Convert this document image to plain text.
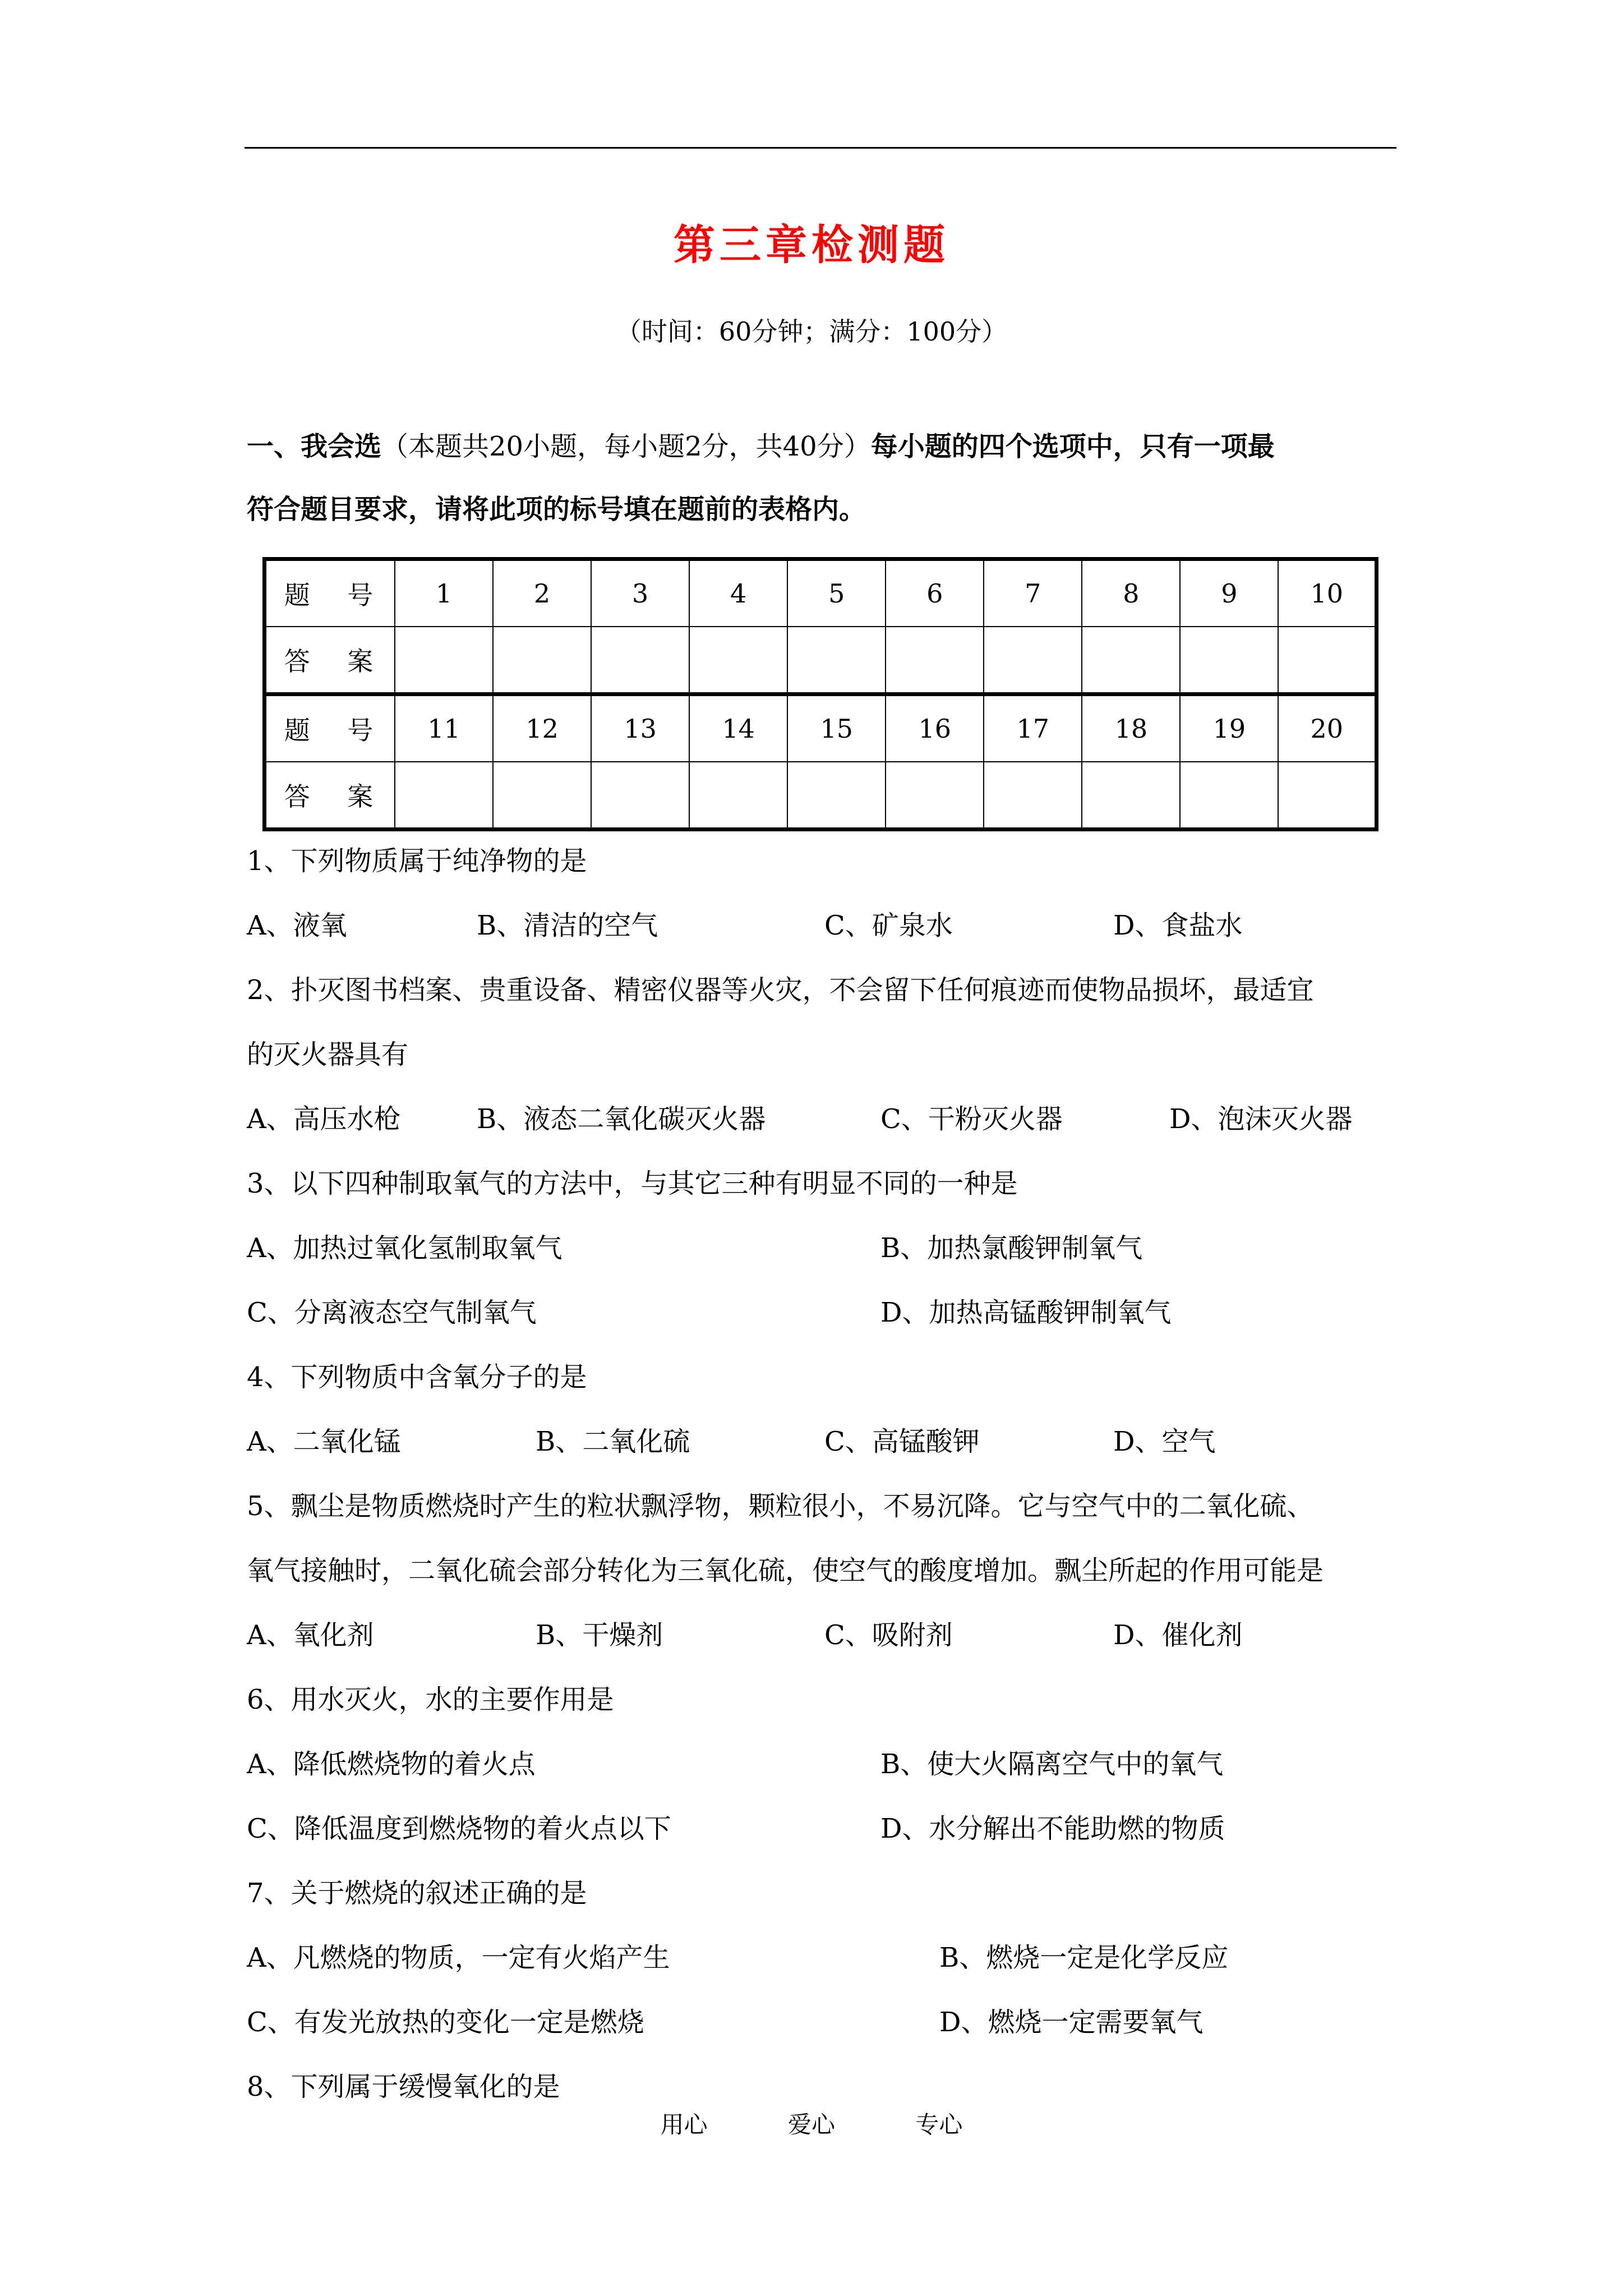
第三章检测题
（时间：60分钟；满分：100分）
一、我会选（本题共20小题，每小题2分，共40分）每小题的四个选项中，只有一项最
符合题目要求，请将此项的标号填在题前的表格内。
题 号	1	2	3	4	5	6	7	8	9	10
答 案										
题 号	11	12	13	14	15	16	17	18	19	20
答 案										
1、下列物质属于纯净物的是
A、液氧	B、清洁的空气	C、矿泉水	D、食盐水
2、扑灭图书档案、贵重设备、精密仪器等火灾，不会留下任何痕迹而使物品损坏，最适宜
的灭火器具有
A、高压水枪	B、液态二氧化碳灭火器	C、干粉灭火器	D、泡沫灭火器
3、以下四种制取氧气的方法中，与其它三种有明显不同的一种是
A、加热过氧化氢制取氧气	B、加热氯酸钾制氧气
C、分离液态空气制氧气	D、加热高锰酸钾制氧气
4、下列物质中含氧分子的是
A、二氧化锰	B、二氧化硫	C、高锰酸钾	D、空气
5、飘尘是物质燃烧时产生的粒状飘浮物，颗粒很小，不易沉降。它与空气中的二氧化硫、
氧气接触时，二氧化硫会部分转化为三氧化硫，使空气的酸度增加。飘尘所起的作用可能是
A、氧化剂	B、干燥剂	C、吸附剂	D、催化剂
6、用水灭火，水的主要作用是
A、降低燃烧物的着火点	B、使大火隔离空气中的氧气
C、降低温度到燃烧物的着火点以下	D、水分解出不能助燃的物质
7、关于燃烧的叙述正确的是
A、凡燃烧的物质，一定有火焰产生	B、燃烧一定是化学反应
C、有发光放热的变化一定是燃烧	D、燃烧一定需要氧气
8、下列属于缓慢氧化的是
用心	爱心	专心
